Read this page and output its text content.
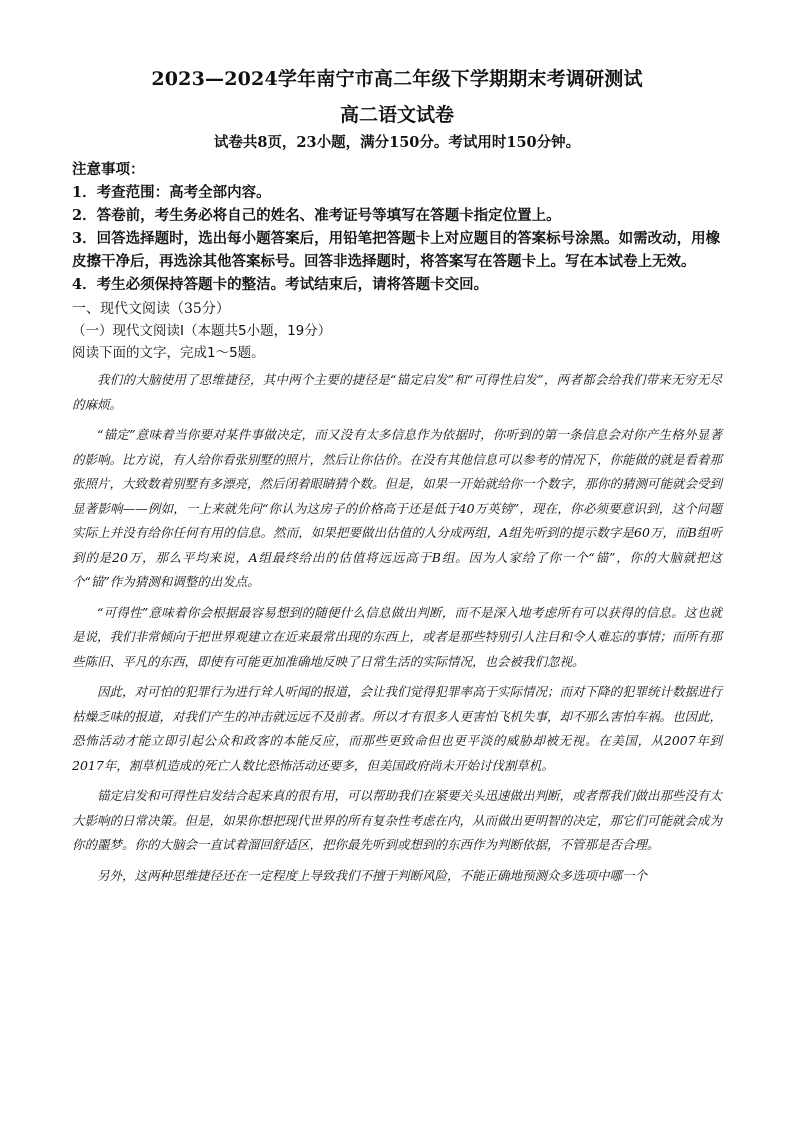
2023—2024学年南宁市高二年级下学期期末考调研测试
高二语文试卷
试卷共8页，23小题，满分150分。考试用时150分钟。
注意事项：

1．考查范围：高考全部内容。

2．答卷前，考生务必将自己的姓名、准考证号等填写在答题卡指定位置上。

3．回答选择题时，选出每小题答案后，用铅笔把答题卡上对应题目的答案标号涂黑。如需改动，用橡皮擦干净后，再选涂其他答案标号。回答非选择题时，将答案写在答题卡上。写在本试卷上无效。

4．考生必须保持答题卡的整洁。考试结束后，请将答题卡交回。

一、现代文阅读（35分）
（一）现代文阅读Ⅰ（本题共5小题，19分）
阅读下面的文字，完成1～5题。

我们的大脑使用了思维捷径，其中两个主要的捷径是“锚定启发”和“可得性启发”，两者都会给我们带来无穷无尽的麻烦。

“锚定”意味着当你要对某件事做决定，而又没有太多信息作为依据时，你听到的第一条信息会对你产生格外显著的影响。比方说，有人给你看张别墅的照片，然后让你估价。在没有其他信息可以参考的情况下，你能做的就是看着那张照片，大致数着别墅有多漂亮，然后闭着眼睛猜个数。但是，如果一开始就给你一个数字，那你的猜测可能就会受到显著影响——例如，一上来就先问“你认为这房子的价格高于还是低于40万英镑”，现在，你必须要意识到，这个问题实际上并没有给你任何有用的信息。然而，如果把要做出估值的人分成两组，A组先听到的提示数字是60万，而B组听到的是20万，那么平均来说，A组最终给出的估值将远远高于B组。因为人家给了你一个“锚”，你的大脑就把这个“锚”作为猜测和调整的出发点。

“可得性”意味着你会根据最容易想到的随便什么信息做出判断，而不是深入地考虑所有可以获得的信息。这也就是说，我们非常倾向于把世界观建立在近来最常出现的东西上，或者是那些特别引人注目和令人难忘的事情；而所有那些陈旧、平凡的东西，即使有可能更加准确地反映了日常生活的实际情况，也会被我们忽视。

因此，对可怕的犯罪行为进行耸人听闻的报道，会让我们觉得犯罪率高于实际情况；而对下降的犯罪统计数据进行枯燥乏味的报道，对我们产生的冲击就远远不及前者。所以才有很多人更害怕飞机失事，却不那么害怕车祸。也因此，恐怖活动才能立即引起公众和政客的本能反应，而那些更致命但也更平淡的威胁却被无视。在美国，从2007年到2017年，割草机造成的死亡人数比恐怖活动还要多，但美国政府尚未开始讨伐割草机。

锚定启发和可得性启发结合起来真的很有用，可以帮助我们在紧要关头迅速做出判断，或者帮我们做出那些没有太大影响的日常决策。但是，如果你想把现代世界的所有复杂性考虑在内，从而做出更明智的决定，那它们可能就会成为你的噩梦。你的大脑会一直试着溜回舒适区，把你最先听到或想到的东西作为判断依据，不管那是否合理。

另外，这两种思维捷径还在一定程度上导致我们不擅于判断风险，不能正确地预测众多选项中哪一个
